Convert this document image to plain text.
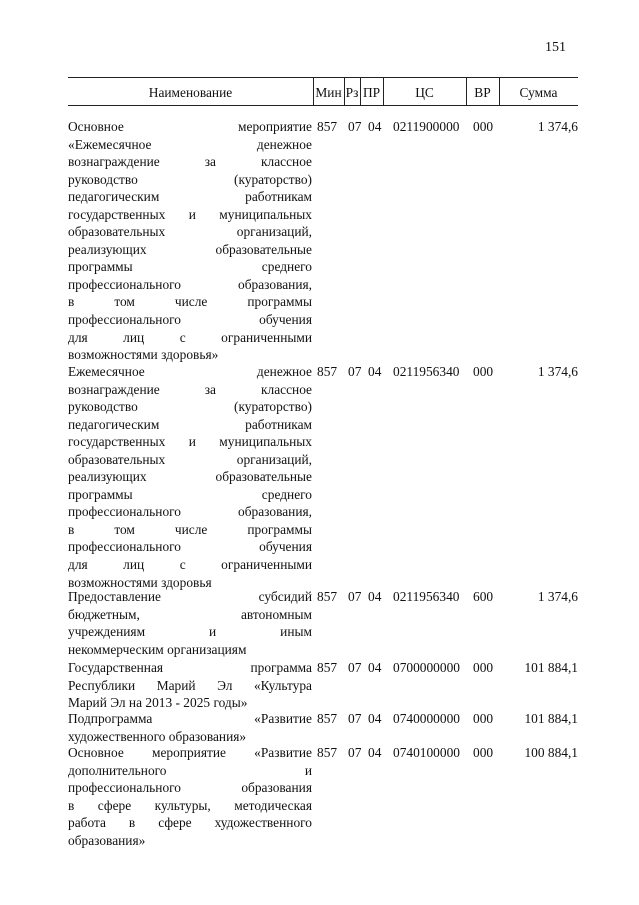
151
Наименование	Мин Рз ПР	ЦС	ВР	Сумма
Основное мероприятие
«Ежемесячное денежное
вознаграждение за классное
руководство (кураторство)
педагогическим работникам
государственных и муниципальных
образовательных организаций,
реализующих образовательные
программы среднего
профессионального образования,
в том числе программы
профессионального обучения
для лиц с ограниченными
возможностями здоровья»
857 07 04 0211900000 000	1 374,6
Ежемесячное денежное
вознаграждение за классное
руководство (кураторство)
педагогическим работникам
государственных и муниципальных
образовательных организаций,
реализующих образовательные
программы среднего
профессионального образования,
в том числе программы
профессионального обучения
для лиц с ограниченными
возможностями здоровья
857 07 04 0211956340 000	1 374,6
Предоставление субсидий
бюджетным, автономным
учреждениям и иным
некоммерческим организациям
857 07 04 0211956340 600	1 374,6
Государственная программа
Республики Марий Эл «Культура
Марий Эл на 2013 - 2025 годы»
857 07 04 0700000000 000 101 884,1
Подпрограмма «Развитие
художественного образования»
857 07 04 0740000000 000 101 884,1
Основное мероприятие «Развитие
дополнительного и
профессионального образования
в сфере культуры, методическая
работа в сфере художественного
образования»
857 07 04 0740100000 000 100 884,1
